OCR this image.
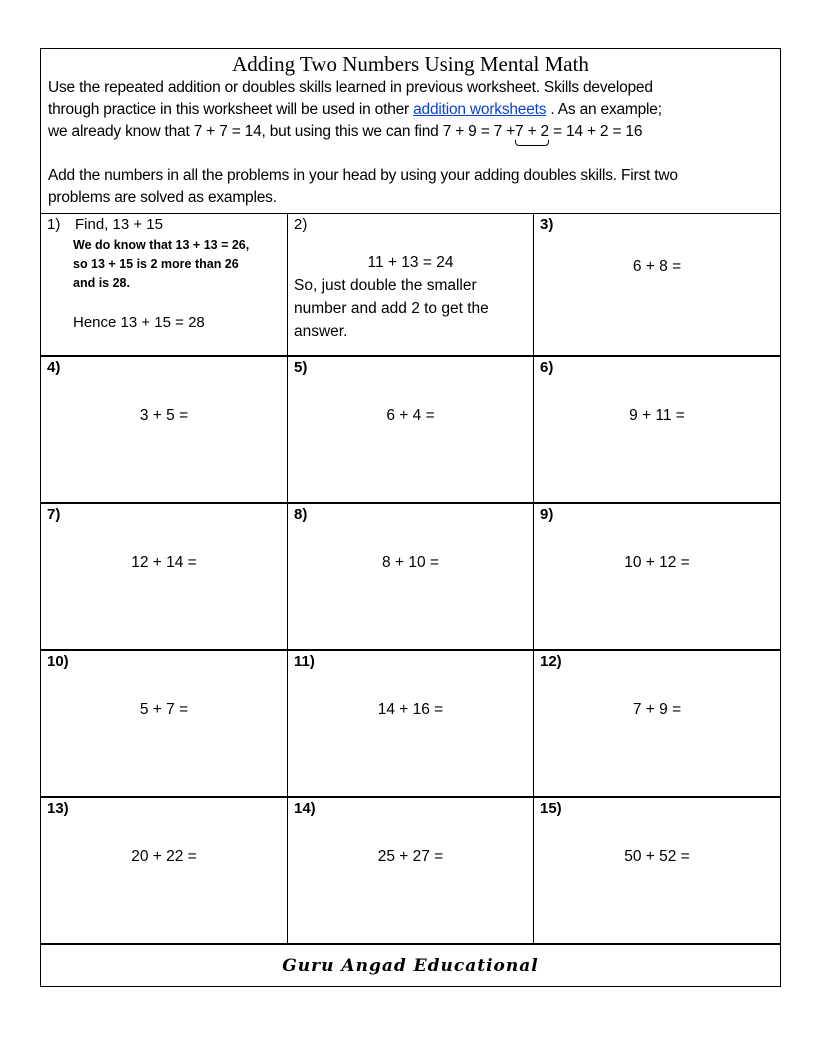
Adding Two Numbers Using Mental Math
Use the repeated addition or doubles skills learned in previous worksheet. Skills developed
through practice in this worksheet will be used in other addition worksheets . As an example;
we already know that 7 + 7 = 14, but using this we can find 7 + 9 = 7 +7 + 2 = 14 + 2 = 16
Add the numbers in all the problems in your head by using your adding doubles skills. First two
problems are solved as examples.
1) Find, 13 + 15
We do know that 13 + 13 = 26,
so 13 + 15 is 2 more than 26
and is 28.
Hence 13 + 15 = 28
2)
11 + 13 = 24
So, just double the smaller number and add 2 to get the answer.
3)
6 + 8 =
4)
3 + 5 =
5)
6 + 4 =
6)
9 + 11 =
7)
12 + 14 =
8)
8 + 10 =
9)
10 + 12 =
10)
5 + 7 =
11)
14 + 16 =
12)
7 + 9 =
13)
20 + 22 =
14)
25 + 27 =
15)
50 + 52 =
Guru Angad Educational
